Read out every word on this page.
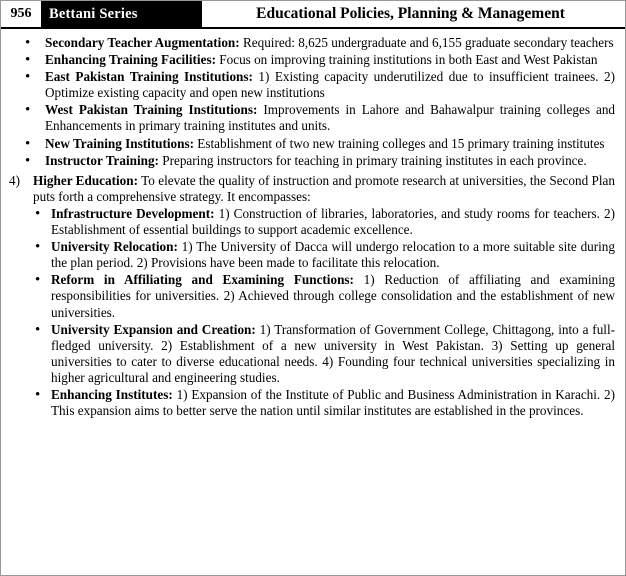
956	Bettani Series	Educational Policies, Planning & Management
• Secondary Teacher Augmentation: Required: 8,625 undergraduate and 6,155 graduate secondary teachers
• Enhancing Training Facilities: Focus on improving training institutions in both East and West Pakistan
• East Pakistan Training Institutions: 1) Existing capacity underutilized due to insufficient trainees. 2) Optimize existing capacity and open new institutions
• West Pakistan Training Institutions: Improvements in Lahore and Bahawalpur training colleges and Enhancements in primary training institutes and units.
• New Training Institutions: Establishment of two new training colleges and 15 primary training institutes
• Instructor Training: Preparing instructors for teaching in primary training institutes in each province.
4) Higher Education: To elevate the quality of instruction and promote research at universities, the Second Plan puts forth a comprehensive strategy. It encompasses:

• Infrastructure Development: 1) Construction of libraries, laboratories, and study rooms for teachers. 2) Establishment of essential buildings to support academic excellence.
• University Relocation: 1) The University of Dacca will undergo relocation to a more suitable site during the plan period. 2) Provisions have been made to facilitate this relocation.
• Reform in Affiliating and Examining Functions: 1) Reduction of affiliating and examining responsibilities for universities. 2) Achieved through college consolidation and the establishment of new universities.
• University Expansion and Creation: 1) Transformation of Government College, Chittagong, into a full-fledged university. 2) Establishment of a new university in West Pakistan. 3) Setting up general universities to cater to diverse educational needs. 4) Founding four technical universities specializing in higher agricultural and engineering studies.
• Enhancing Institutes: 1) Expansion of the Institute of Public and Business Administration in Karachi. 2) This expansion aims to better serve the nation until similar institutes are established in the provinces.
